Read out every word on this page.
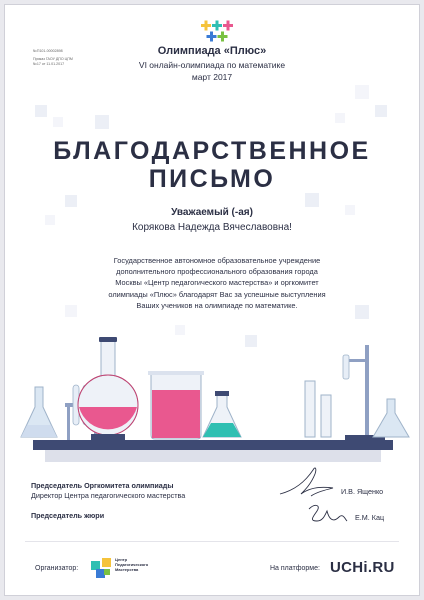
Олимпиада «Плюс»
VI онлайн-олимпиада по математике
март 2017
№П101-00002898
Приказ ГАОУ ДПО ЦПМ
№17 от 11.01.2017
БЛАГОДАРСТВЕННОЕ
ПИСЬМО
Уважаемый (-ая)
Корякова Надежда Вячеславовна!
Государственное автономное образовательное учреждение
дополнительного профессионального образования города
Москвы «Центр педагогического мастерства» и оргкомитет
олимпиады «Плюс» благодарят Вас за успешные выступления
Ваших учеников на олимпиаде по математике.
Председатель Оргкомитета олимпиады
Директор Центра педагогического мастерства	И.В. Ященко
Председатель жюри	Е.М. Кац
Организатор:
Центр
Педагогического
Мастерства	На платформе: UCHi.RU
